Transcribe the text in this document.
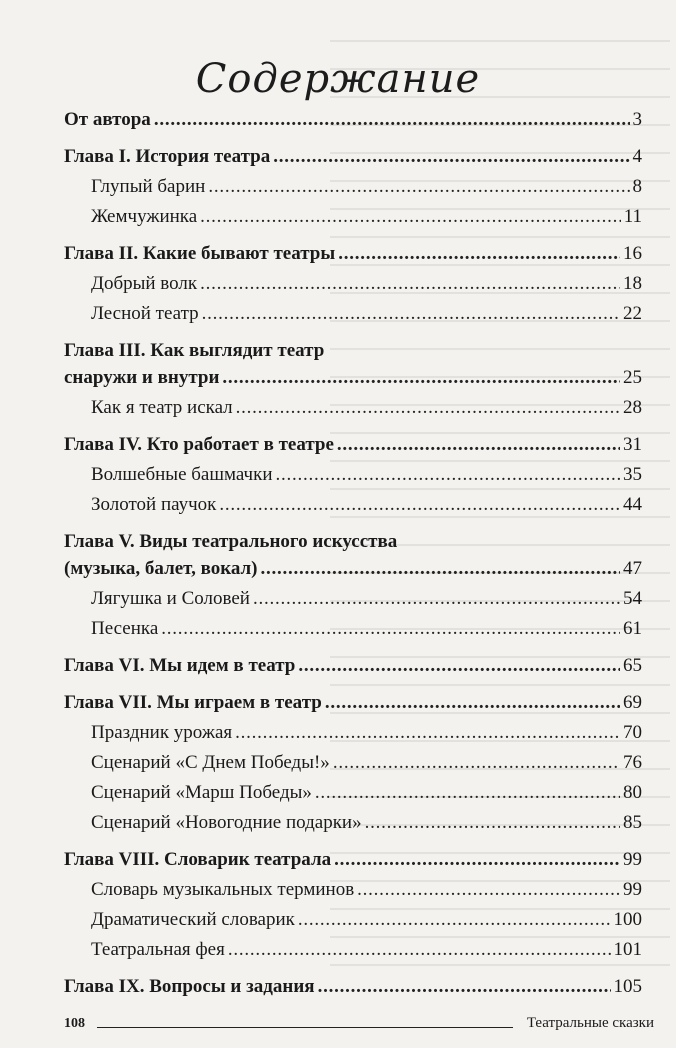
Содержание
От автора . . .	3
Глава I. История театра . . .	4
Глупый барин . . .	8
Жемчужинка . . .	11
Глава II. Какие бывают театры . . .	16
Добрый волк . . .	18
Лесной театр . . .	22
Глава III. Как выглядит театр
снаружи и внутри . . .	25
Как я театр искал . . .	28
Глава IV. Кто работает в театре . . .	31
Волшебные башмачки . . .	35
Золотой паучок . . .	44
Глава V. Виды театрального искусства
(музыка, балет, вокал) . . .	47
Лягушка и Соловей . . .	54
Песенка . . .	61
Глава VI. Мы идем в театр . . .	65
Глава VII. Мы играем в театр . . .	69
Праздник урожая . . .	70
Сценарий «С Днем Победы!» . . .	76
Сценарий «Марш Победы» . . .	80
Сценарий «Новогодние подарки» . . .	85
Глава VIII. Словарик театрала . . .	99
Словарь музыкальных терминов . . .	99
Драматический словарик . . .	100
Театральная фея . . .	101
Глава IX. Вопросы и задания . . .	105
108	Театральные сказки
